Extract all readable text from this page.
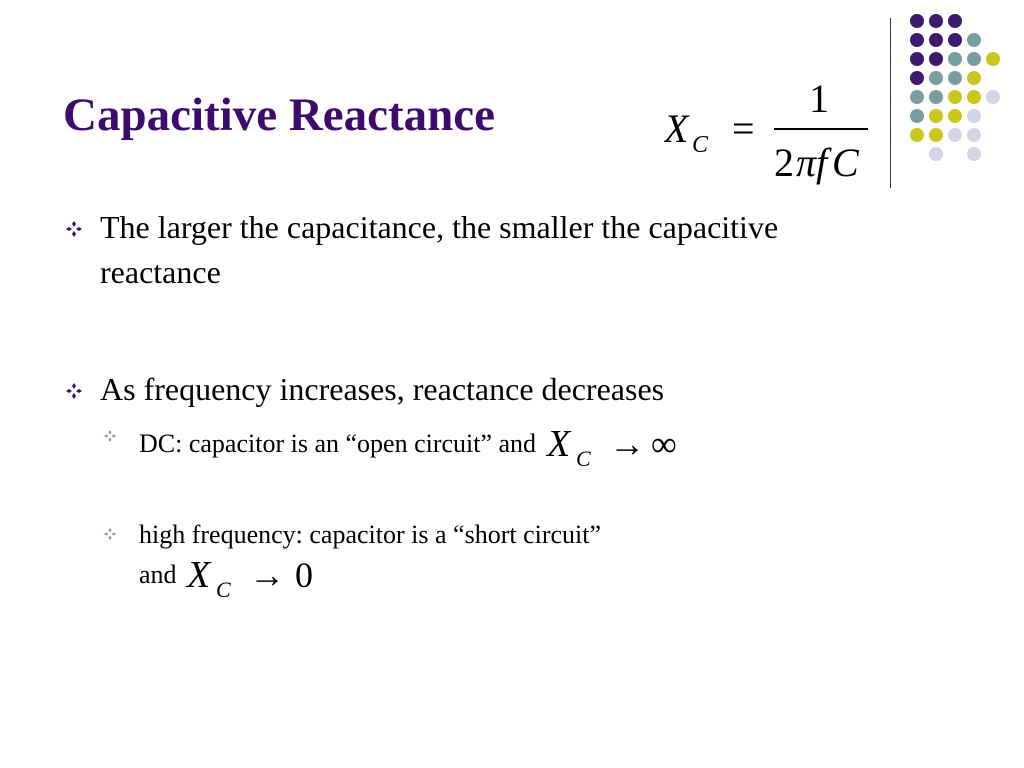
Capacitive Reactance	X C =
1
2 π f C
The larger the capacitance, the smaller the capacitive
reactance
As frequency increases, reactance decreases
DC: capacitor is an “open circuit” and X C → ∞
high frequency: capacitor is a “short circuit”
and X C → 0
